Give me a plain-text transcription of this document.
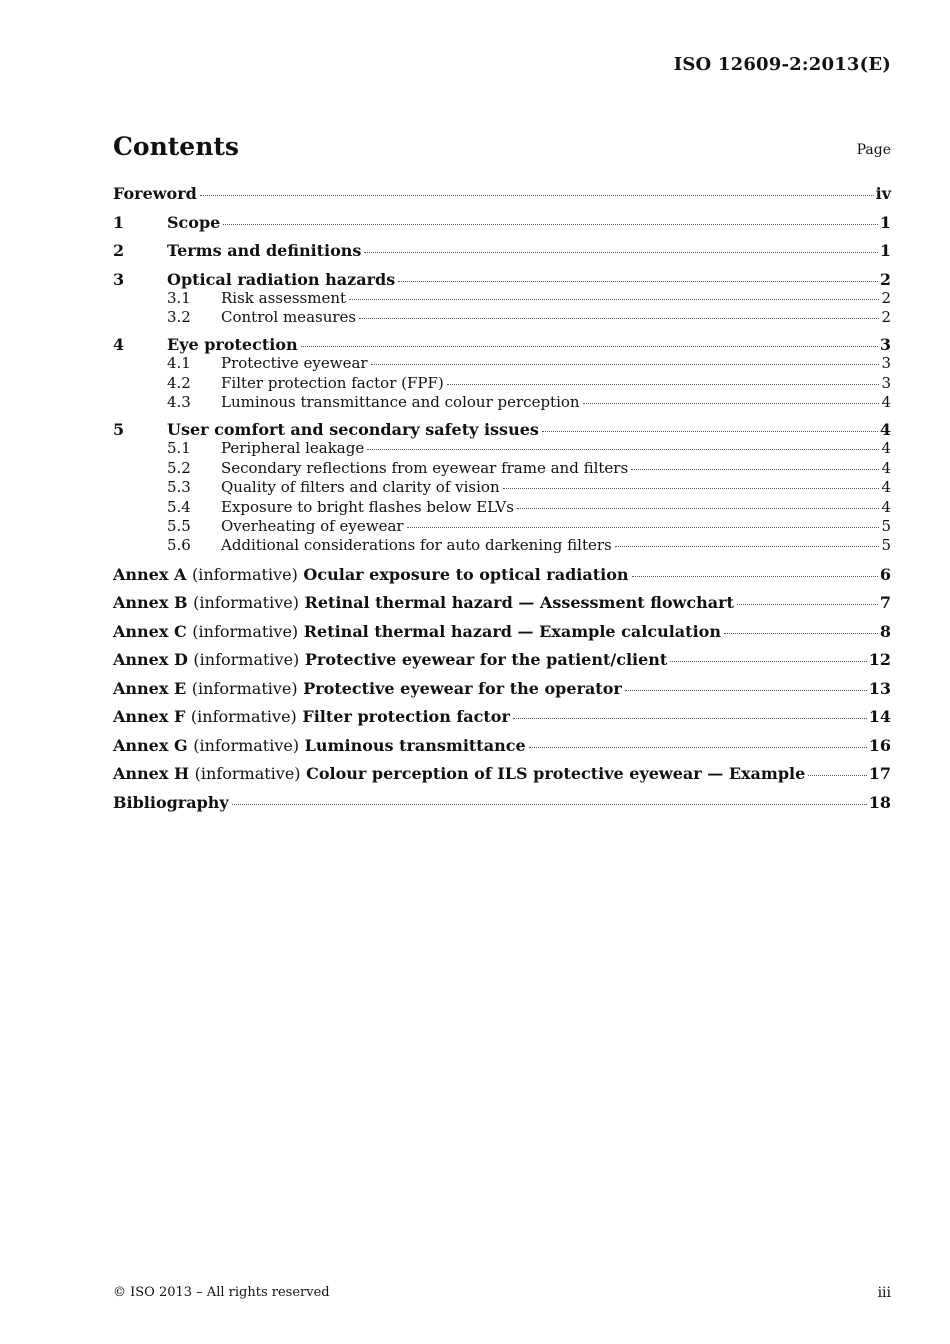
ISO 12609-2:2013(E)
Contents	Page
Foreword	iv
1	Scope	1
2	Terms and definitions	1
3	Optical radiation hazards	2
3.1	Risk assessment	2
3.2	Control measures	2
4	Eye protection	3
4.1	Protective eyewear	3
4.2	Filter protection factor (FPF)	3
4.3	Luminous transmittance and colour perception	4
5	User comfort and secondary safety issues	4
5.1	Peripheral leakage	4
5.2	Secondary reflections from eyewear frame and filters	4
5.3	Quality of filters and clarity of vision	4
5.4	Exposure to bright flashes below ELVs	4
5.5	Overheating of eyewear	5
5.6	Additional considerations for auto darkening filters	5
Annex A (informative) Ocular exposure to optical radiation	6
Annex B (informative) Retinal thermal hazard — Assessment flowchart	7
Annex C (informative) Retinal thermal hazard — Example calculation	8
Annex D (informative) Protective eyewear for the patient/client	12
Annex E (informative) Protective eyewear for the operator	13
Annex F (informative) Filter protection factor	14
Annex G (informative) Luminous transmittance	16
Annex H (informative) Colour perception of ILS protective eyewear — Example	17
Bibliography	18
© ISO 2013 – All rights reserved	iii
